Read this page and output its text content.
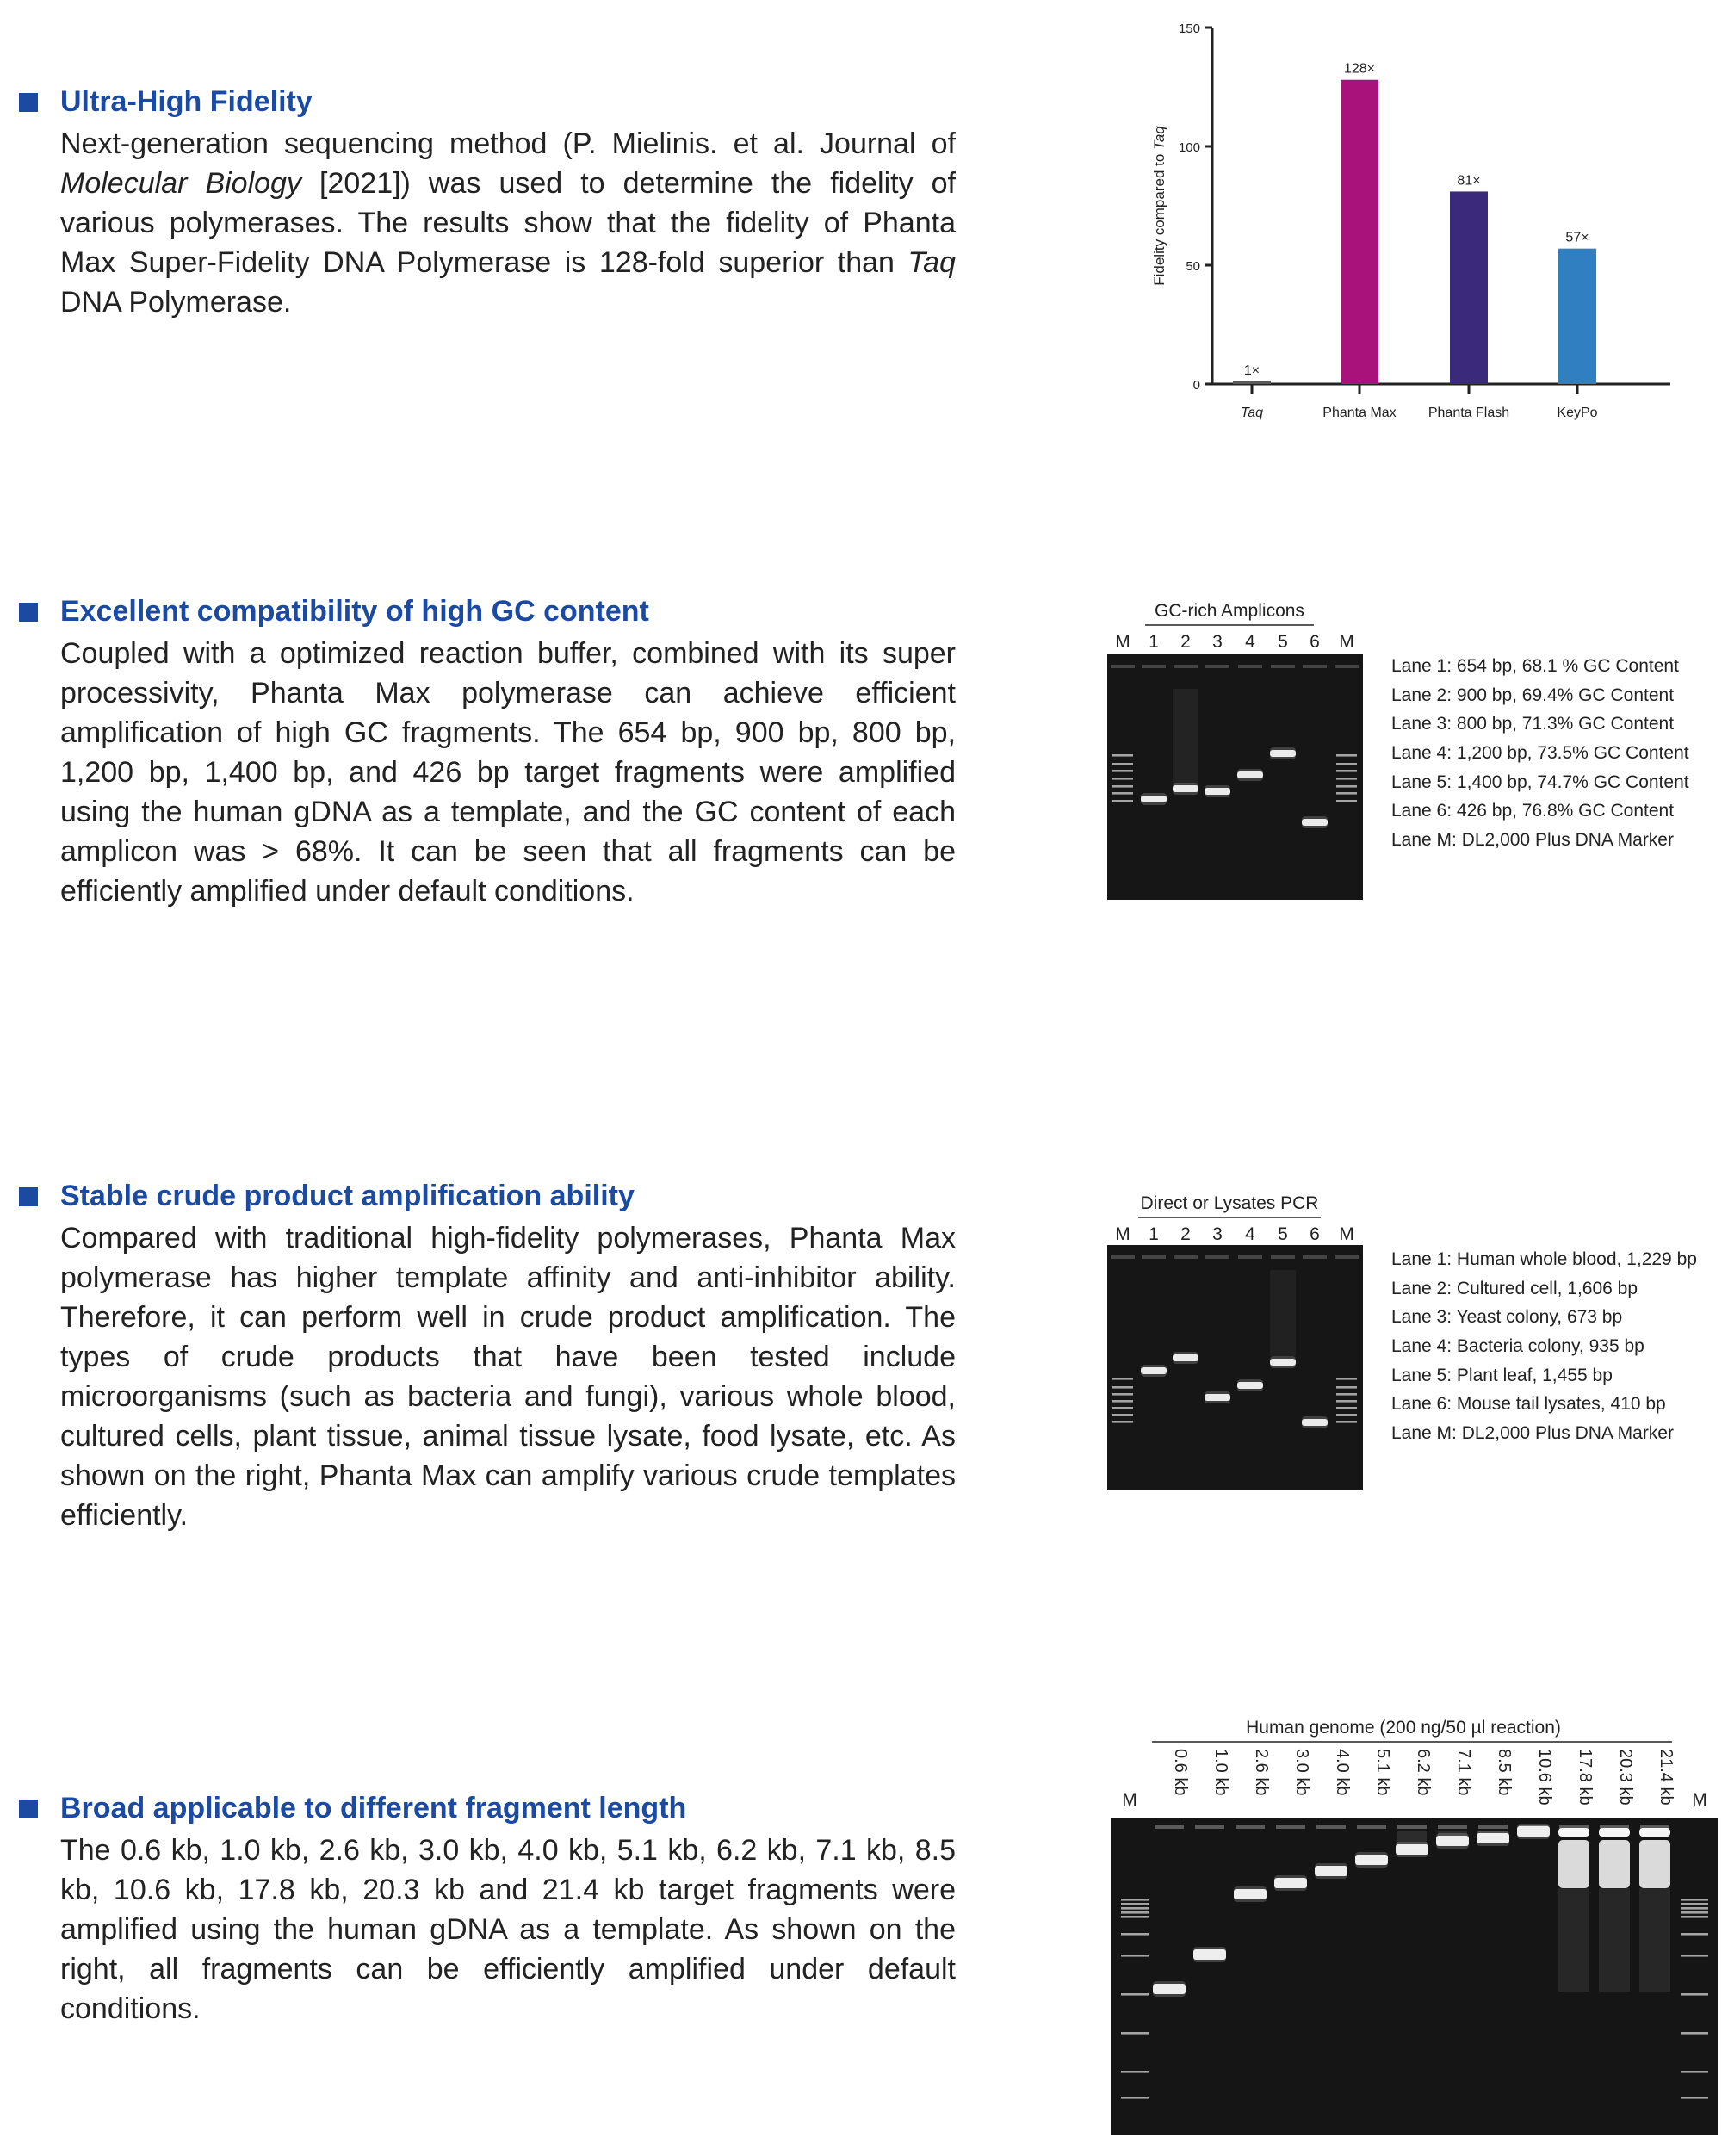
Ultra-High Fidelity
Next-generation sequencing method (P. Mielinis. et al. Journal of Molecular Biology [2021]) was used to determine the fidelity of various polymerases. The results show that the fidelity of Phanta Max Super-Fidelity DNA Polymerase is 128-fold superior than Taq DNA Polymerase.
0
50
100
150
Fidelity compared to Taq
1×
Taq
128×
Phanta Max
81×
Phanta Flash
57×
KeyPo
Excellent compatibility of high GC content
Coupled with a optimized reaction buffer, combined with its super processivity, Phanta Max polymerase can achieve efficient amplification of high GC fragments. The 654 bp, 900 bp, 800 bp, 1,200 bp, 1,400 bp, and 426 bp target fragments were amplified using the human gDNA as a template, and the GC content of each amplicon was > 68%. It can be seen that all fragments can be efficiently amplified under default conditions.
GC-rich Amplicons
M 1 2 3 4 5 6 M
Lane 1: 654 bp, 68.1 % GC Content
Lane 2: 900 bp, 69.4% GC Content
Lane 3: 800 bp, 71.3% GC Content
Lane 4: 1,200 bp, 73.5% GC Content
Lane 5: 1,400 bp, 74.7% GC Content
Lane 6: 426 bp, 76.8% GC Content
Lane M: DL2,000 Plus DNA Marker
Stable crude product amplification ability
Compared with traditional high-fidelity polymerases, Phanta Max polymerase has higher template affinity and anti-inhibitor ability. Therefore, it can perform well in crude product amplification. The types of crude products that have been tested include microorganisms (such as bacteria and fungi), various whole blood, cultured cells, plant tissue, animal tissue lysate, food lysate, etc. As shown on the right, Phanta Max can amplify various crude templates efficiently.
Direct or Lysates PCR
M 1 2 3 4 5 6 M
Lane 1: Human whole blood, 1,229 bp
Lane 2: Cultured cell, 1,606 bp
Lane 3: Yeast colony, 673 bp
Lane 4: Bacteria colony, 935 bp
Lane 5: Plant leaf, 1,455 bp
Lane 6: Mouse tail lysates, 410 bp
Lane M: DL2,000 Plus DNA Marker
Broad applicable to different fragment length
The 0.6 kb, 1.0 kb, 2.6 kb, 3.0 kb, 4.0 kb, 5.1 kb, 6.2 kb, 7.1 kb, 8.5 kb, 10.6 kb, 17.8 kb, 20.3 kb and 21.4 kb target fragments were amplified using the human gDNA as a template. As shown on the right, all fragments can be efficiently amplified under default conditions.
Human genome (200 ng/50 µl reaction)
M	M
0.6 kb 1.0 kb 2.6 kb 3.0 kb 4.0 kb 5.1 kb 6.2 kb 7.1 kb 8.5 kb 10.6 kb 17.8 kb 20.3 kb 21.4 kb
